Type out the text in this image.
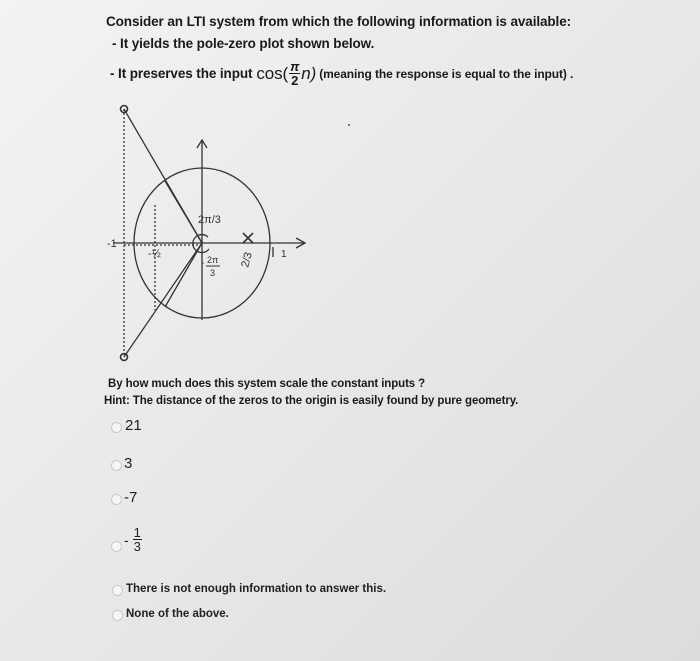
Consider an LTI system from which the following information is available:
- It yields the pole-zero plot shown below.
- It preserves the input $\cos( \frac{\pi}{2} n)$ (meaning the response is equal to the input) .
2π/3
-1
-½
- 2π
3
2/3	1
By how much does this system scale the constant inputs ?
Hint: The distance of the zeros to the origin is easily found by pure geometry.
21
3
-7
- $\frac{1}{3}$
There is not enough information to answer this.
None of the above.
